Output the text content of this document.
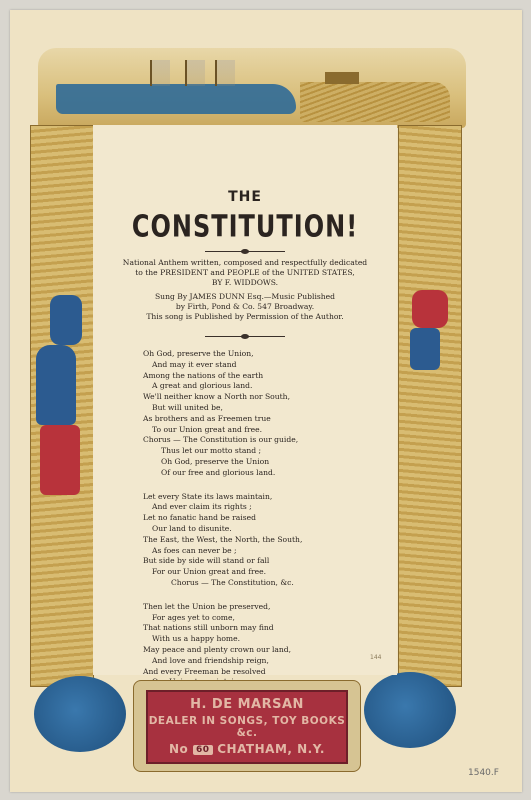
THE
CONSTITUTION!
National Anthem written, composed and respectfully dedicated
to the PRESIDENT and PEOPLE of the UNITED STATES,
BY F. WIDDOWS.
Sung By JAMES DUNN Esq.—Music Published
by Firth, Pond & Co. 547 Broadway.
This song is Published by Permission of the Author.
Oh God, preserve the Union,
And may it ever stand
Among the nations of the earth
A great and glorious land.
We'll neither know a North nor South,
But will united be,
As brothers and as Freemen true
To our Union great and free.
Chorus — The Constitution is our guide,
Thus let our motto stand ;
Oh God, preserve the Union
Of our free and glorious land.
Let every State its laws maintain,
And ever claim its rights ;
Let no fanatic hand be raised
Our land to disunite.
The East, the West, the North, the South,
As foes can never be ;
But side by side will stand or fall
For our Union great and free.
Chorus — The Constitution, &c.
Then let the Union be preserved,
For ages yet to come,
That nations still unborn may find
With us a happy home.
May peace and plenty crown our land,
And love and friendship reign,
And every Freeman be resolved
H. DE MARSAN
DEALER IN SONGS, TOY BOOKS &c.
No 60 CHATHAM, N.Y.
144
1540.F
